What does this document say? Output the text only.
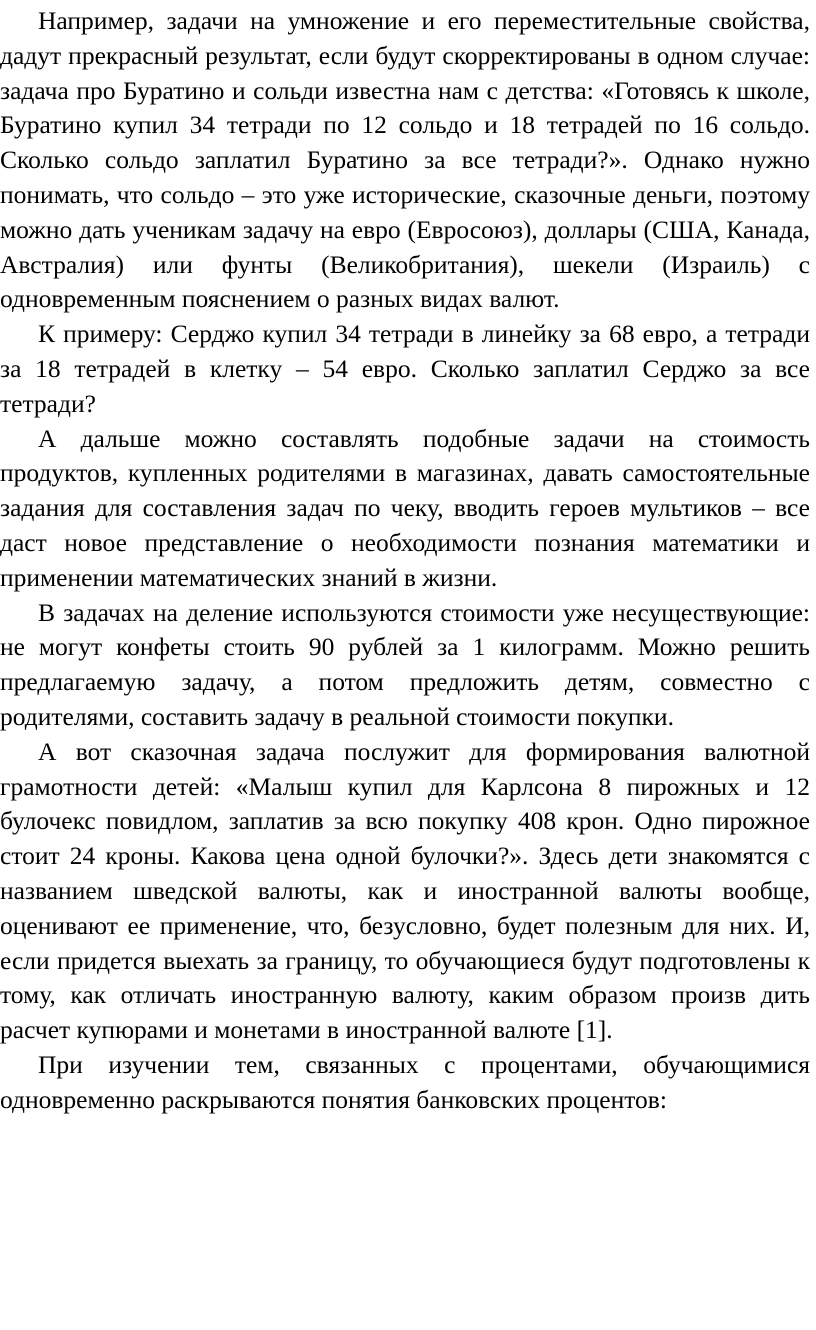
Например, задачи на умножение и его переместительные свойства, дадут прекрасный результат, если будут скорректированы в одном случае: задача про Буратино и сольди известна нам с детства: «Готовясь к школе, Буратино купил 34 тетради по 12 сольдо и 18 тетрадей по 16 сольдо. Сколько сольдо заплатил Буратино за все тетради?». Однако нужно понимать, что сольдо – это уже исторические, сказочные деньги, поэтому можно дать ученикам задачу на евро (Евросоюз), доллары (США, Канада, Австралия) или фунты (Великобритания), шекели (Израиль) с одновременным пояснением о разных видах валют.

К примеру: Серджо купил 34 тетради в линейку за 68 евро, а тетради за 18 тетрадей в клетку – 54 евро. Сколько заплатил Серджо за все тетради?

А дальше можно составлять подобные задачи на стоимость продуктов, купленных родителями в магазинах, давать самостоятельные задания для составления задач по чеку, вводить героев мультиков – все даст новое представление о необходимости познания математики и применении математических знаний в жизни.

В задачах на деление используются стоимости уже несуществующие: не могут конфеты стоить 90 рублей за 1 килограмм. Можно решить предлагаемую задачу, а потом предложить детям, совместно с родителями, составить задачу в реальной стоимости покупки.

А вот сказочная задача послужит для формирования валютной грамотности детей: «Малыш купил для Карлсона 8 пирожных и 12 булочекс повидлом, заплатив за всю покупку 408 крон. Одно пирожное стоит 24 кроны. Какова цена одной булочки?». Здесь дети знакомятся с названием шведской валюты, как и иностранной валюты вообще, оценивают ее применение, что, безусловно, будет полезным для них. И, если придется выехать за границу, то обучающиеся будут подготовлены к тому, как отличать иностранную валюту, каким образом произв дить расчет купюрами и монетами в иностранной валюте [1].

При изучении тем, связанных с процентами, обучающимися одновременно раскрываются понятия банковских процентов:
